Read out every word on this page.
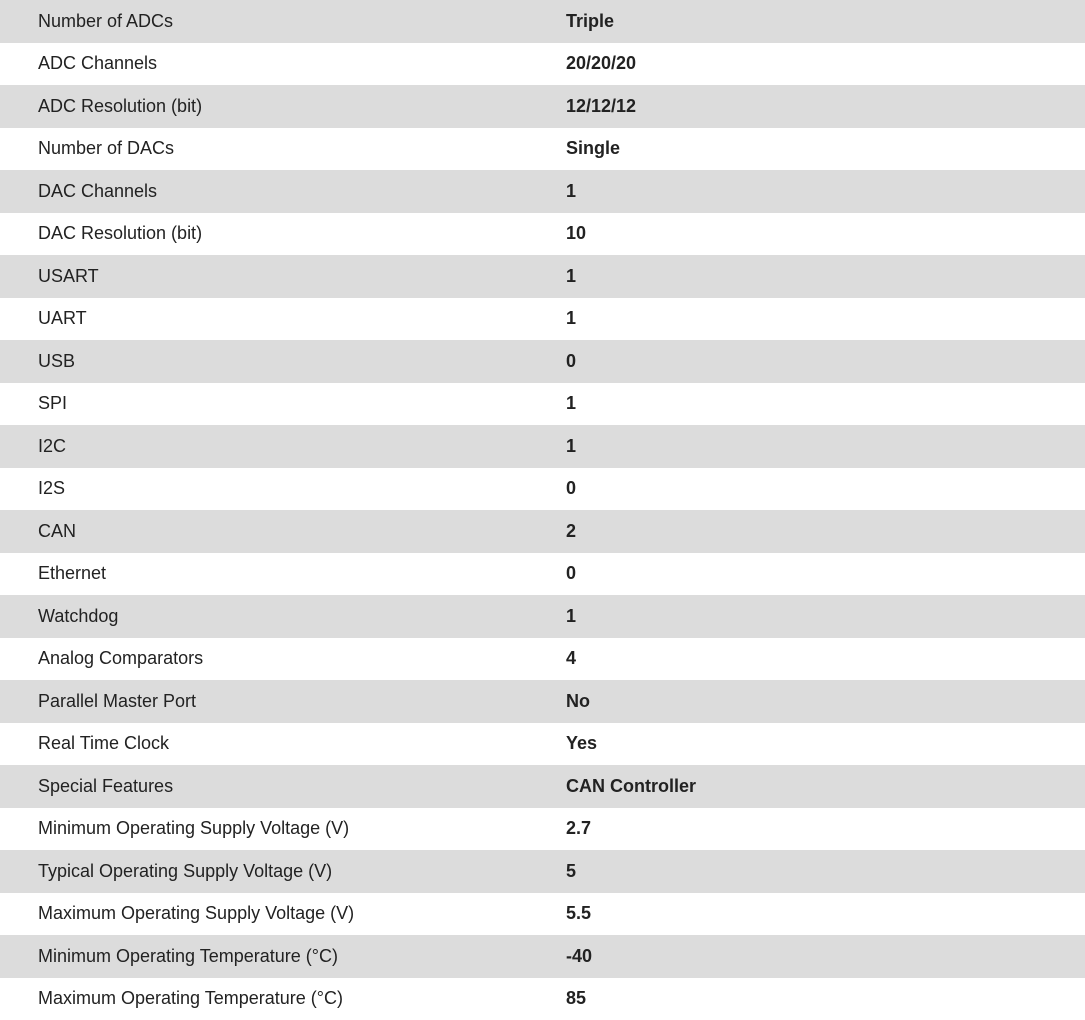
Number of ADCs	Triple
ADC Channels	20/20/20
ADC Resolution (bit)	12/12/12
Number of DACs	Single
DAC Channels	1
DAC Resolution (bit)	10
USART	1
UART	1
USB	0
SPI	1
I2C	1
I2S	0
CAN	2
Ethernet	0
Watchdog	1
Analog Comparators	4
Parallel Master Port	No
Real Time Clock	Yes
Special Features	CAN Controller
Minimum Operating Supply Voltage (V)	2.7
Typical Operating Supply Voltage (V)	5
Maximum Operating Supply Voltage (V)	5.5
Minimum Operating Temperature (°C)	-40
Maximum Operating Temperature (°C)	85
